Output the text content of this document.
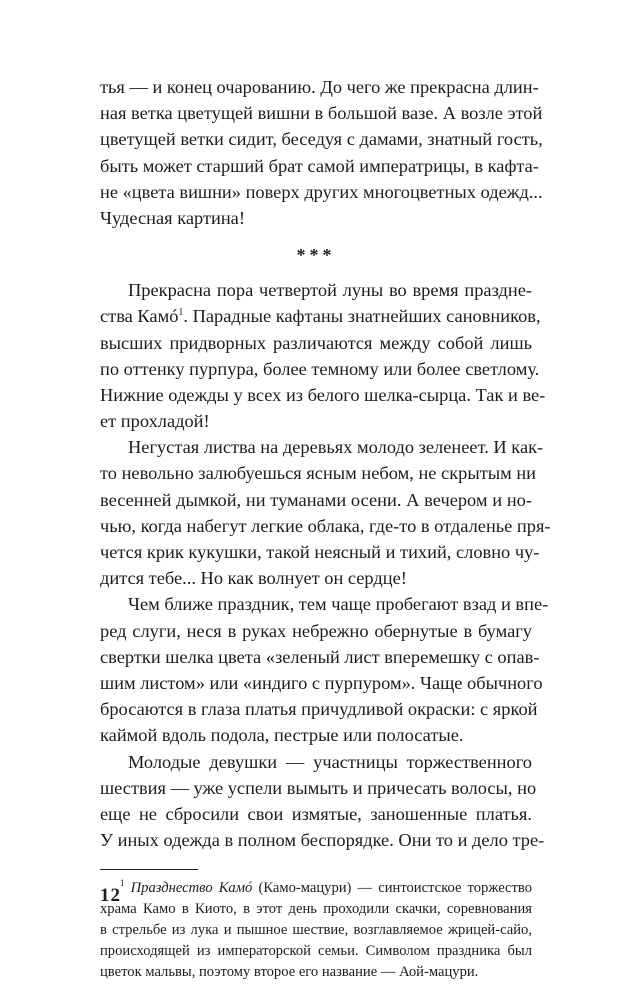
тья — и конец очарованию. До чего же прекрасна длин-
ная ветка цветущей вишни в большой вазе. А возле этой
цветущей ветки сидит, беседуя с дамами, знатный гость,
быть может старший брат самой императрицы, в кафта-
не «цвета вишни» поверх других многоцветных одежд...
Чудесная картина!
***
Прекрасна пора четвертой луны во время праздне-
ства Камó$^1$. Парадные кафтаны знатнейших сановников,
высших придворных различаются между собой лишь
по оттенку пурпура, более темному или более светлому.
Нижние одежды у всех из белого шелка-сырца. Так и ве-
ет прохладой!
Негустая листва на деревьях молодо зеленеет. И как-
то невольно залюбуешься ясным небом, не скрытым ни
весенней дымкой, ни туманами осени. А вечером и но-
чью, когда набегут легкие облака, где-то в отдаленье пря-
чется крик кукушки, такой неясный и тихий, словно чу-
дится тебе... Но как волнует он сердце!
Чем ближе праздник, тем чаще пробегают взад и впе-
ред слуги, неся в руках небрежно обернутые в бумагу
свертки шелка цвета «зеленый лист вперемешку с опав-
шим листом» или «индиго с пурпуром». Чаще обычного
бросаются в глаза платья причудливой окраски: с яркой
каймой вдоль подола, пестрые или полосатые.
Молодые девушки — участницы торжественного
шествия — уже успели вымыть и причесать волосы, но
еще не сбросили свои измятые, заношенные платья.
У иных одежда в полном беспорядке. Они то и дело тре-
$^1$ Празднество Камó (Камо-мацури) — синтоистское торжество
храма Камо в Киото, в этот день проходили скачки, соревнования
в стрельбе из лука и пышное шествие, возглавляемое жрицей-сайо,
происходящей из императорской семьи. Символом праздника был
цветок мальвы, поэтому второе его название — Аой-мацури.
12
